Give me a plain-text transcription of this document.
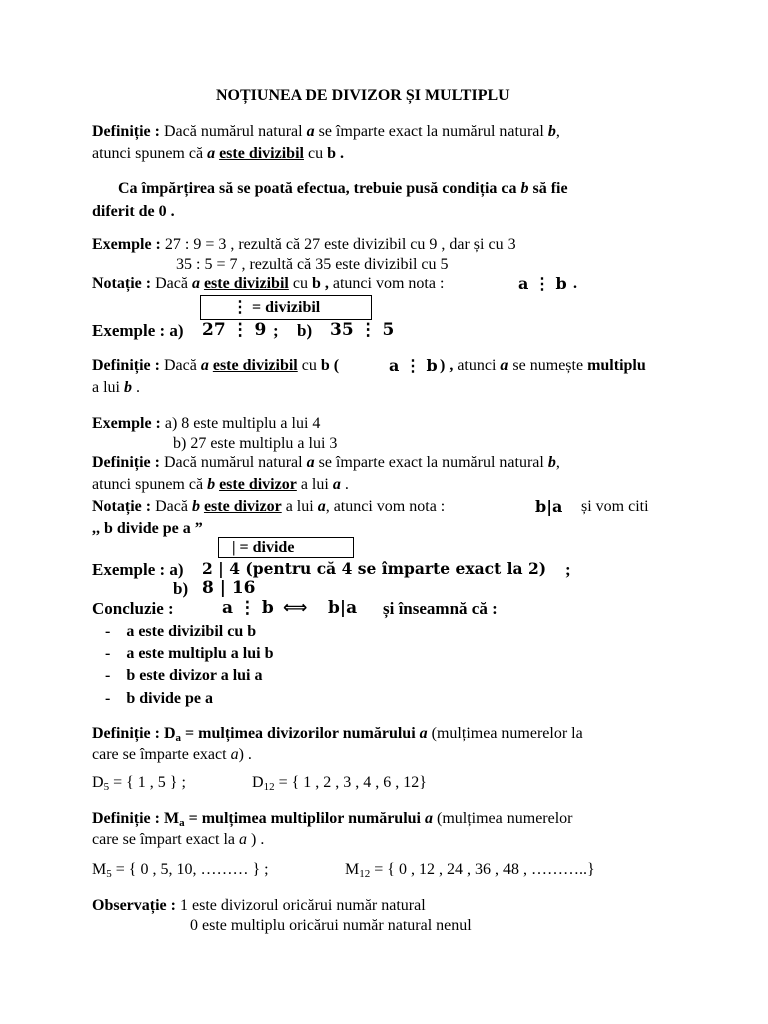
NOȚIUNEA DE DIVIZOR ȘI MULTIPLU
Definiție : Dacă numărul natural a se împarte exact la numărul natural b,
atunci spunem că a este divizibil cu b .
Ca împărțirea să se poată efectua, trebuie pusă condiția ca b să fie
diferit de 0 .
Exemple : 27 : 9 = 3 , rezultă că 27 este divizibil cu 9 , dar și cu 3
35 : 5 = 7 , rezultă că 35 este divizibil cu 5
Notație : Dacă a este divizibil cu b , atunci vom nota :	a ⋮ b .
⋮ = divizibil
Exemple : a) 27 ⋮ 9 ; b) 35 ⋮ 5
Definiție : Dacă a este divizibil cu b (	a ⋮ b ) , atunci a se numește multiplu
a lui b .
Exemple : a) 8 este multiplu a lui 4
b) 27 este multiplu a lui 3
Definiție : Dacă numărul natural a se împarte exact la numărul natural b,
atunci spunem că b este divizor a lui a .
Notație : Dacă b este divizor a lui a, atunci vom nota :	b|a și vom citi
,, b divide pe a ”
| = divide
Exemple : a) 2 | 4 (pentru că 4 se împarte exact la 2) ;
b) 8 | 16
Concluzie :	a ⋮ b ⟺ b|a și înseamnă că :
-    a este divizibil cu b
-    a este multiplu a lui b
-    b este divizor a lui a
-    b divide pe a
Definiție : $D_a$ = mulțimea divizorilor numărului a (mulțimea numerelor la
care se împarte exact a) .
$D_5$ = { 1 , 5 } ;	$D_{12}$ = { 1 , 2 , 3 , 4 , 6 , 12}
Definiție : $M_a$ = mulțimea multiplilor numărului a (mulțimea numerelor
care se împart exact la a ) .
$M_5$ = { 0 , 5, 10, ……… } ;	$M_{12}$ = { 0 , 12 , 24 , 36 , 48 , ………..}
Observație : 1 este divizorul oricărui număr natural
0 este multiplu oricărui număr natural nenul
